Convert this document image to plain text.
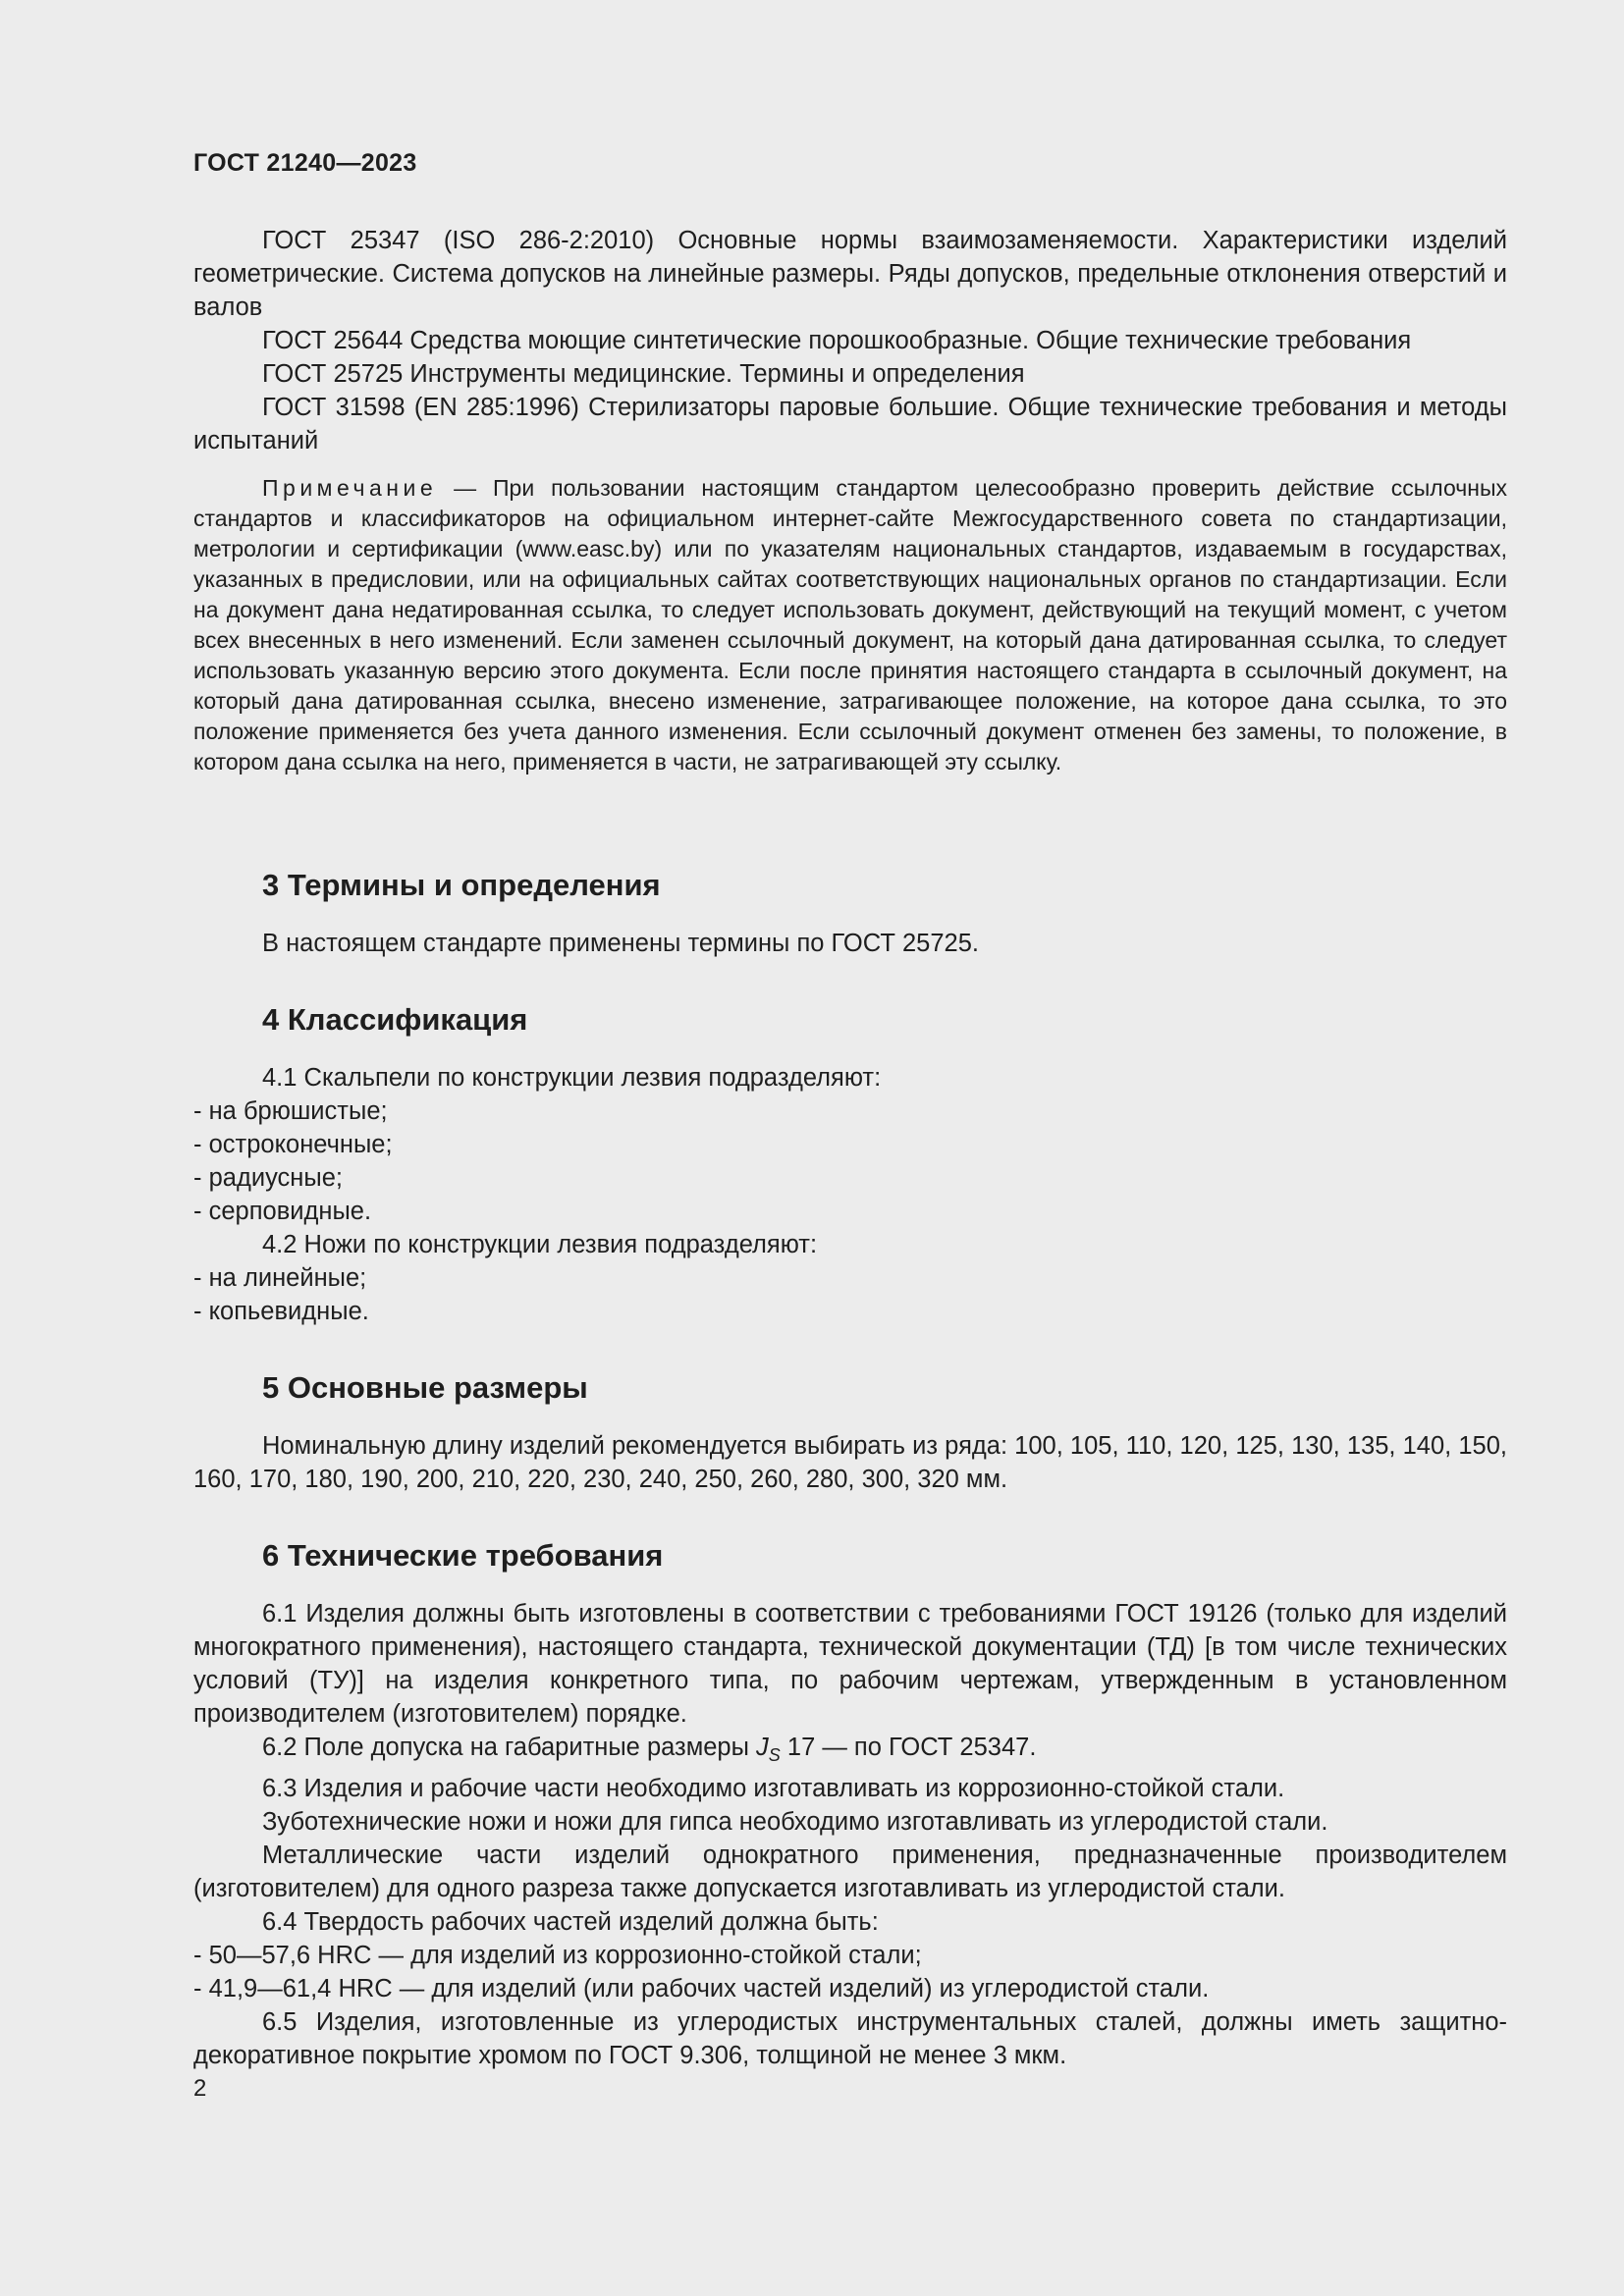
ГОСТ 21240—2023

ГОСТ 25347 (ISO 286-2:2010) Основные нормы взаимозаменяемости. Характеристики изделий геометрические. Система допусков на линейные размеры. Ряды допусков, предельные отклонения отверстий и валов

ГОСТ 25644 Средства моющие синтетические порошкообразные. Общие технические требования

ГОСТ 25725 Инструменты медицинские. Термины и определения

ГОСТ 31598 (EN 285:1996) Стерилизаторы паровые большие. Общие технические требования и методы испытаний

Примечание — При пользовании настоящим стандартом целесообразно проверить действие ссылочных стандартов и классификаторов на официальном интернет-сайте Межгосударственного совета по стандартизации, метрологии и сертификации (www.easc.by) или по указателям национальных стандартов, издаваемым в государствах, указанных в предисловии, или на официальных сайтах соответствующих национальных органов по стандартизации. Если на документ дана недатированная ссылка, то следует использовать документ, действующий на текущий момент, с учетом всех внесенных в него изменений. Если заменен ссылочный документ, на который дана датированная ссылка, то следует использовать указанную версию этого документа. Если после принятия настоящего стандарта в ссылочный документ, на который дана датированная ссылка, внесено изменение, затрагивающее положение, на которое дана ссылка, то это положение применяется без учета данного изменения. Если ссылочный документ отменен без замены, то положение, в котором дана ссылка на него, применяется в части, не затрагивающей эту ссылку.

3 Термины и определения

В настоящем стандарте применены термины по ГОСТ 25725.

4 Классификация

4.1 Скальпели по конструкции лезвия подразделяют:

- на брюшистые;

- остроконечные;

- радиусные;

- серповидные.

4.2 Ножи по конструкции лезвия подразделяют:

- на линейные;

- копьевидные.

5 Основные размеры

Номинальную длину изделий рекомендуется выбирать из ряда: 100, 105, 110, 120, 125, 130, 135, 140, 150, 160, 170, 180, 190, 200, 210, 220, 230, 240, 250, 260, 280, 300, 320 мм.

6 Технические требования

6.1 Изделия должны быть изготовлены в соответствии с требованиями ГОСТ 19126 (только для изделий многократного применения), настоящего стандарта, технической документации (ТД) [в том числе технических условий (ТУ)] на изделия конкретного типа, по рабочим чертежам, утвержденным в установленном производителем (изготовителем) порядке.

6.2 Поле допуска на габаритные размеры $J_S$ 17 — по ГОСТ 25347.

6.3 Изделия и рабочие части необходимо изготавливать из коррозионно-стойкой стали.

Зуботехнические ножи и ножи для гипса необходимо изготавливать из углеродистой стали.

Металлические части изделий однократного применения, предназначенные производителем (изготовителем) для одного разреза также допускается изготавливать из углеродистой стали.

6.4 Твердость рабочих частей изделий должна быть:

- 50—57,6 HRC — для изделий из коррозионно-стойкой стали;

- 41,9—61,4 HRC — для изделий (или рабочих частей изделий) из углеродистой стали.

6.5 Изделия, изготовленные из углеродистых инструментальных сталей, должны иметь защитно-декоративное покрытие хромом по ГОСТ 9.306, толщиной не менее 3 мкм.

2
